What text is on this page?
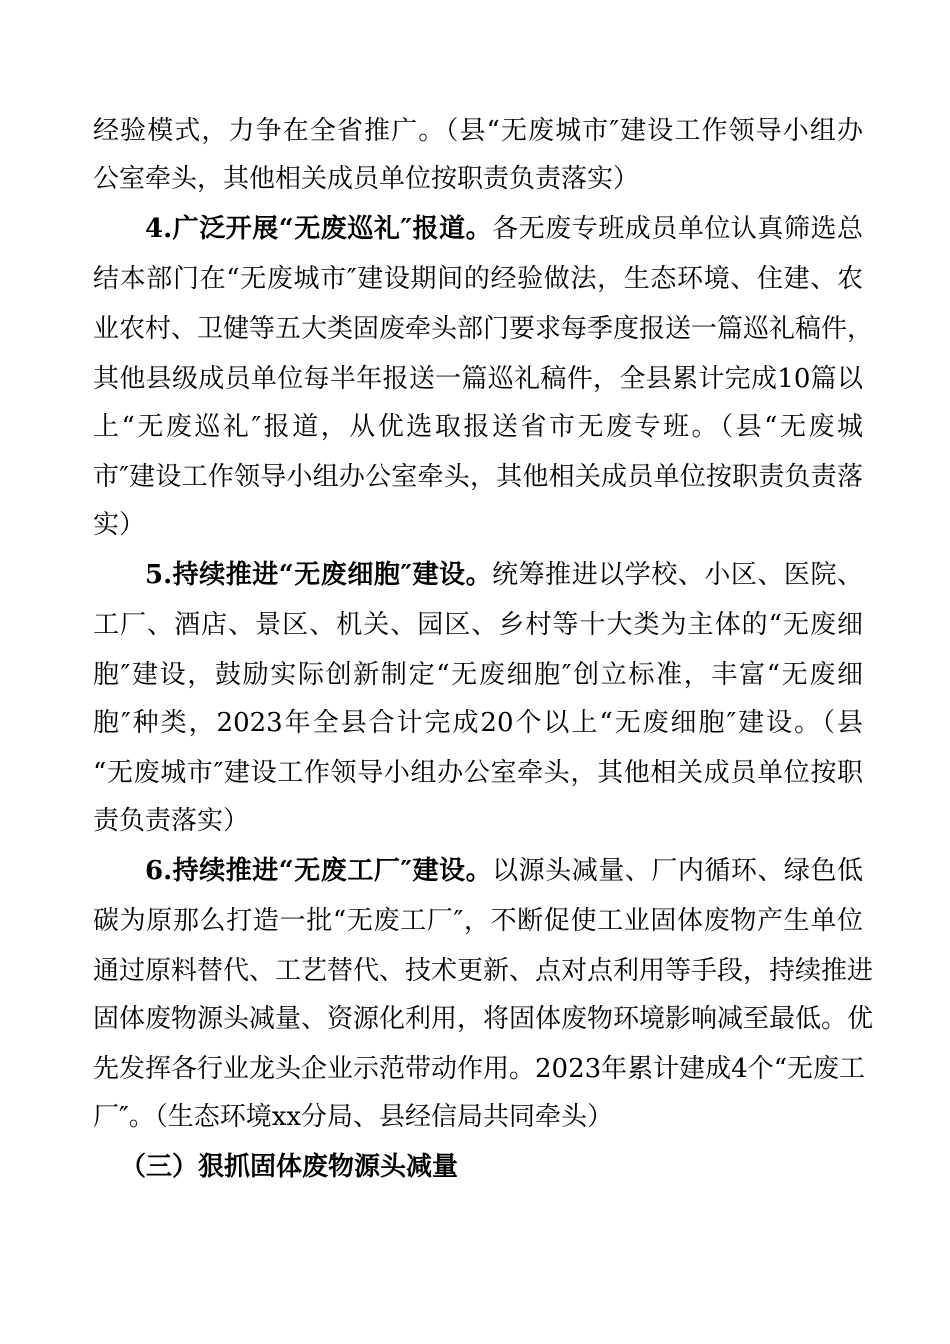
经验模式，力争在全省推广。（县“无废城市″建设工作领导小组办
公室牵头，其他相关成员单位按职责负责落实）
4.广泛开展“无废巡礼″报道。各无废专班成员单位认真筛选总
结本部门在“无废城市″建设期间的经验做法，生态环境、住建、农
业农村、卫健等五大类固废牵头部门要求每季度报送一篇巡礼稿件，
其他县级成员单位每半年报送一篇巡礼稿件，全县累计完成10篇以
上“无废巡礼″报道，从优选取报送省市无废专班。（县“无废城
市″建设工作领导小组办公室牵头，其他相关成员单位按职责负责落
实）
5.持续推进“无废细胞″建设。统筹推进以学校、小区、医院、
工厂、酒店、景区、机关、园区、乡村等十大类为主体的“无废细
胞″建设，鼓励实际创新制定“无废细胞″创立标准，丰富“无废细
胞″种类，2023年全县合计完成20个以上“无废细胞″建设。（县
“无废城市″建设工作领导小组办公室牵头，其他相关成员单位按职
责负责落实）
6.持续推进“无废工厂″建设。以源头减量、厂内循环、绿色低
碳为原那么打造一批“无废工厂″，不断促使工业固体废物产生单位
通过原料替代、工艺替代、技术更新、点对点利用等手段，持续推进
固体废物源头减量、资源化利用，将固体废物环境影响减至最低。优
先发挥各行业龙头企业示范带动作用。2023年累计建成4个“无废工
厂″。（生态环境xx分局、县经信局共同牵头）
（三）狠抓固体废物源头减量
